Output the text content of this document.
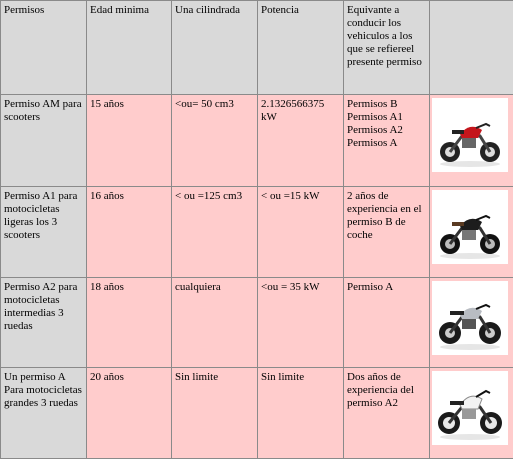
Permisos	Edad minima	Una cilindrada	Potencia	Equivante a conducir los vehiculos a los que se refiereel presente permiso	
Permiso AM para scooters	15 años	<ou= 50 cm3	2.1326566375 kW	Permisos B
Permisos A1
Permisos A2
Permisos A

Permiso A1 para motocicletas ligeras los 3 scooters	16 años	< ou =125 cm3	< ou =15 kW	2 años de experiencia en el permiso B de coche	

Permiso A2 para motocicletas intermedias 3 ruedas	18 años	cualquiera	<ou = 35 kW	Permiso A	

Un permiso A Para motocicletas grandes 3 ruedas	20 años	Sin limite	Sin limite	Dos años de experiencia del permiso A2	
